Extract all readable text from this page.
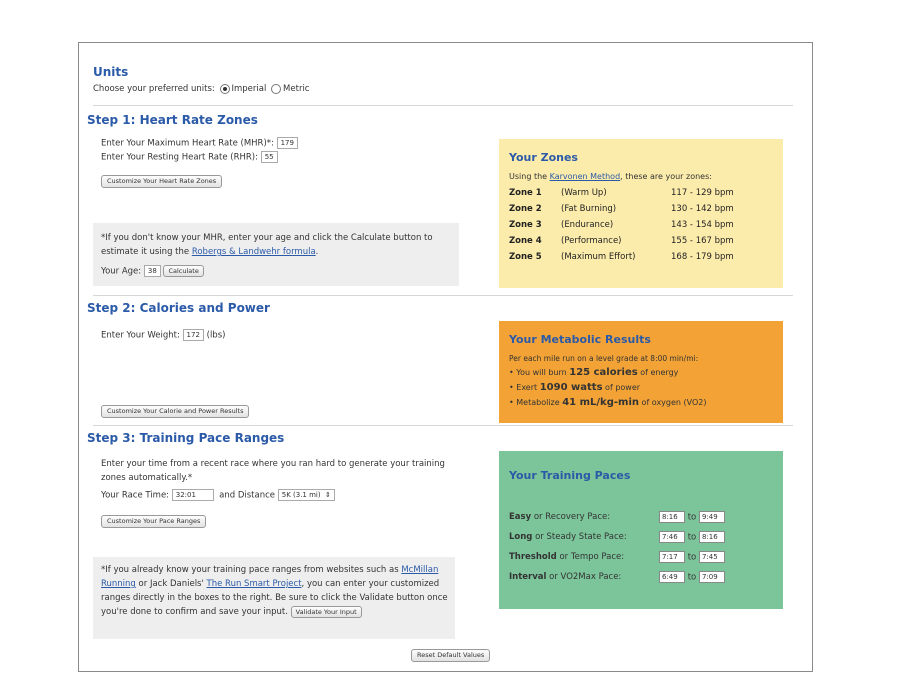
Units
Choose your preferred units: Imperial Metric
Step 1: Heart Rate Zones
Enter Your Maximum Heart Rate (MHR)*: 179
Enter Your Resting Heart Rate (RHR): 55
Customize Your Heart Rate Zones
*If you don't know your MHR, enter your age and click the Calculate button to estimate it using the Robergs & Landwehr formula.
Your Age: 38 Calculate
Your Zones
Using the Karvonen Method, these are your zones:
Zone 1 (Warm Up)	117 - 129 bpm
Zone 2 (Fat Burning)	130 - 142 bpm
Zone 3 (Endurance)	143 - 154 bpm
Zone 4 (Performance)	155 - 167 bpm
Zone 5 (Maximum Effort)	168 - 179 bpm
Step 2: Calories and Power
Enter Your Weight: 172 (lbs)
Customize Your Calorie and Power Results
Your Metabolic Results
Per each mile run on a level grade at 8:00 min/mi:
• You will burn 125 calories of energy
• Exert 1090 watts of power
• Metabolize 41 mL/kg-min of oxygen (VO2)
Step 3: Training Pace Ranges
Enter your time from a recent race where you ran hard to generate your training zones automatically.*
Your Race Time: 32:01	and Distance 5K (3.1 mi) ⇕
Customize Your Pace Ranges
*If you already know your training pace ranges from websites such as McMillan Running or Jack Daniels' The Run Smart Project, you can enter your customized ranges directly in the boxes to the right. Be sure to click the Validate button once you're done to confirm and save your input. Validate Your Input
Your Training Paces
Easy or Recovery Pace:	8:16 to 9:49
Long or Steady State Pace:	7:46 to 8:16
Threshold or Tempo Pace:	7:17 to 7:45
Interval or VO2Max Pace:	6:49 to 7:09
Reset Default Values
